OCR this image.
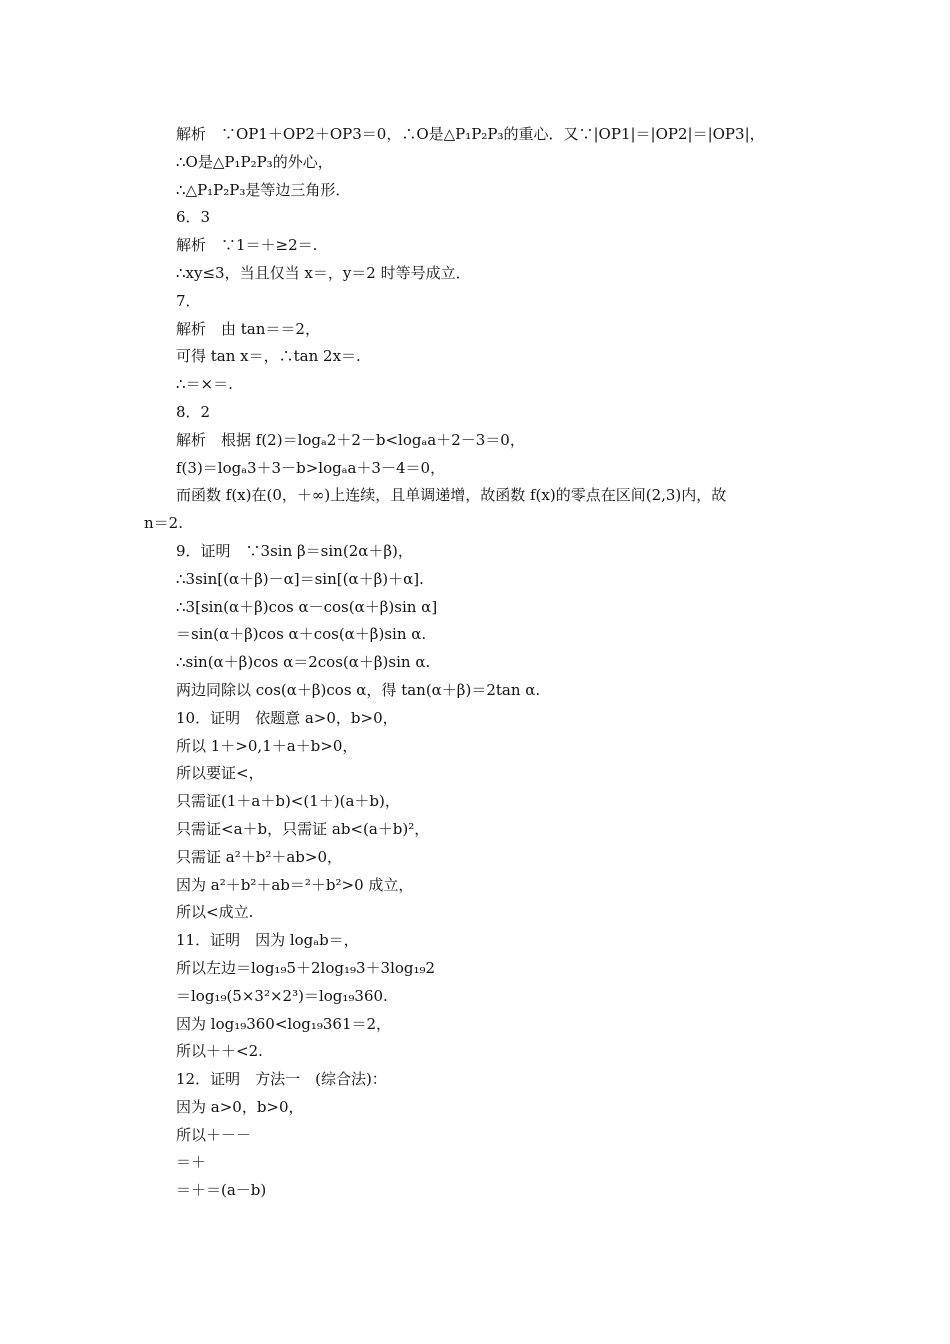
解析　∵OP1＋OP2＋OP3＝0，∴O是△P₁P₂P₃的重心．又∵|OP1|＝|OP2|＝|OP3|，
∴O是△P₁P₂P₃的外心，
∴△P₁P₂P₃是等边三角形．
6．3
解析　∵1＝＋≥2＝.
∴xy≤3，当且仅当 x＝，y＝2 时等号成立．
7．
解析　由 tan＝＝2，
可得 tan x＝，∴tan 2x＝.
∴＝×＝.
8．2
解析　根据 f(2)＝logₐ2＋2－b<logₐa＋2－3＝0，
f(3)＝logₐ3＋3－b>logₐa＋3－4＝0，
而函数 f(x)在(0，＋∞)上连续，且单调递增，故函数 f(x)的零点在区间(2,3)内，故
n＝2.
9．证明　∵3sin β＝sin(2α＋β)，
∴3sin[(α＋β)－α]＝sin[(α＋β)＋α].
∴3[sin(α＋β)cos α－cos(α＋β)sin α]
＝sin(α＋β)cos α＋cos(α＋β)sin α.
∴sin(α＋β)cos α＝2cos(α＋β)sin α.
两边同除以 cos(α＋β)cos α，得 tan(α＋β)＝2tan α.
10．证明　依题意 a>0，b>0，
所以 1＋>0,1＋a＋b>0，
所以要证<，
只需证(1＋a＋b)<(1＋)(a＋b)，
只需证<a＋b，只需证 ab<(a＋b)²，
只需证 a²＋b²＋ab>0，
因为 a²＋b²＋ab＝²＋b²>0 成立，
所以<成立.
11．证明　因为 logₐb＝，
所以左边＝log₁₉5＋2log₁₉3＋3log₁₉2
＝log₁₉(5×3²×2³)＝log₁₉360.
因为 log₁₉360<log₁₉361＝2，
所以＋＋<2.
12．证明　方法一　(综合法)：
因为 a>0，b>0，
所以＋－－
＝＋
＝＋＝(a－b)
